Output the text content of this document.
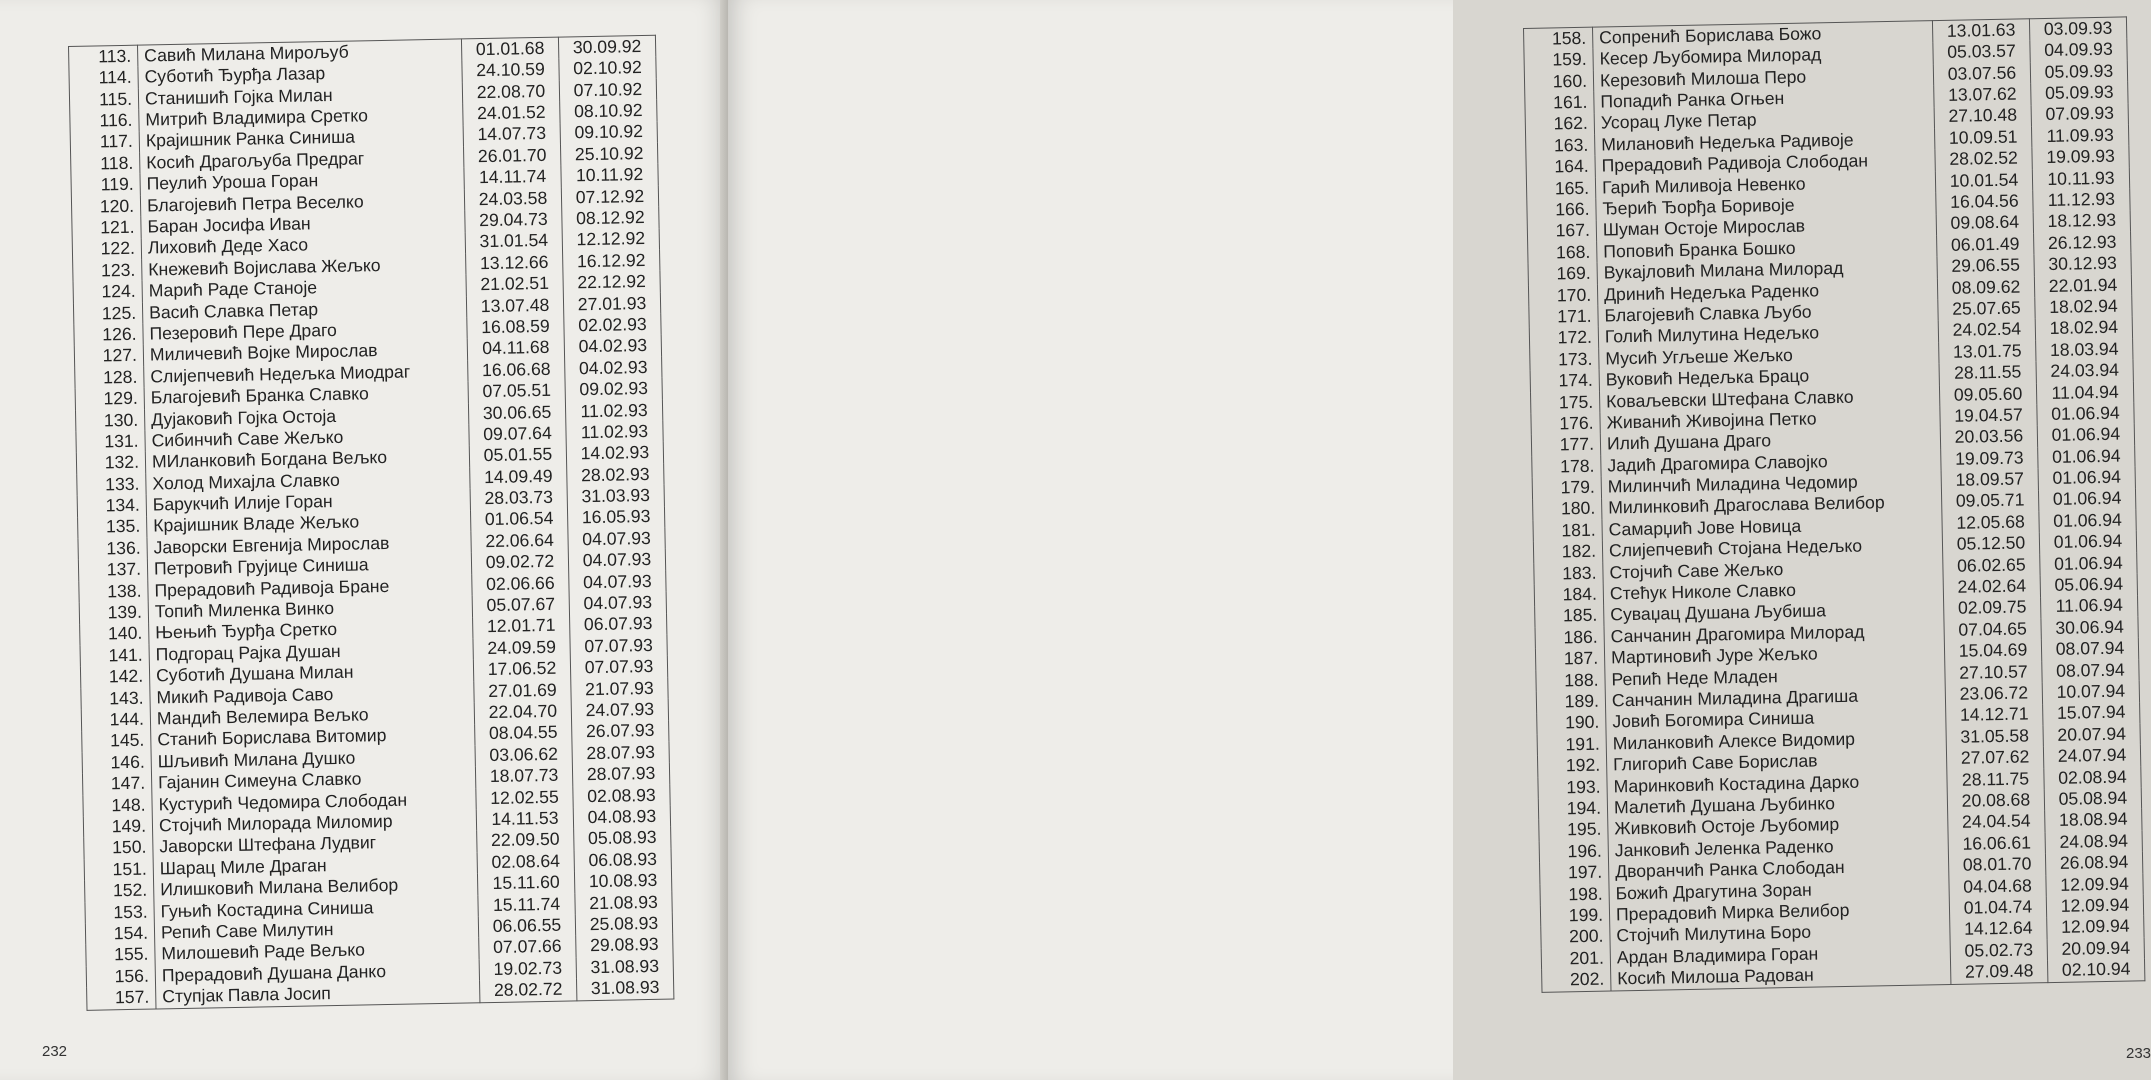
113.	Савић Милана Мирољуб	01.01.68	30.09.92
114.	Суботић Ђурђа Лазар	24.10.59	02.10.92
115.	Станишић Гојка Милан	22.08.70	07.10.92
116.	Митрић Владимира Сретко	24.01.52	08.10.92
117.	Крајишник Ранка Синиша	14.07.73	09.10.92
118.	Косић Драгољуба Предраг	26.01.70	25.10.92
119.	Пеулић Уроша Горан	14.11.74	10.11.92
120.	Благојевић Петра Веселко	24.03.58	07.12.92
121.	Баран Јосифа Иван	29.04.73	08.12.92
122.	Лиховић Деде Хасо	31.01.54	12.12.92
123.	Кнежевић Војислава Жељко	13.12.66	16.12.92
124.	Марић Раде Станоје	21.02.51	22.12.92
125.	Васић Славка Петар	13.07.48	27.01.93
126.	Пезеровић Пере Драго	16.08.59	02.02.93
127.	Миличевић Војке Мирослав	04.11.68	04.02.93
128.	Слијепчевић Недељка Миодраг	16.06.68	04.02.93
129.	Благојевић Бранка Славко	07.05.51	09.02.93
130.	Дујаковић Гојка Остоја	30.06.65	11.02.93
131.	Сибинчић Саве Жељко	09.07.64	11.02.93
132.	МИланковић Богдана Вељко	05.01.55	14.02.93
133.	Холод Михајла Славко	14.09.49	28.02.93
134.	Барукчић Илије Горан	28.03.73	31.03.93
135.	Крајишник Владе Жељко	01.06.54	16.05.93
136.	Јаворски Евгенија Мирослав	22.06.64	04.07.93
137.	Петровић Грујице Синиша	09.02.72	04.07.93
138.	Прерадовић Радивоја Бране	02.06.66	04.07.93
139.	Топић Миленка Винко	05.07.67	04.07.93
140.	Њењић Ђурђа Сретко	12.01.71	06.07.93
141.	Подгорац Рајка Душан	24.09.59	07.07.93
142.	Суботић Душана Милан	17.06.52	07.07.93
143.	Микић Радивоја Саво	27.01.69	21.07.93
144.	Мандић Велемира Вељко	22.04.70	24.07.93
145.	Станић Борислава Витомир	08.04.55	26.07.93
146.	Шљивић Милана Душко	03.06.62	28.07.93
147.	Гајанин Симеуна Славко	18.07.73	28.07.93
148.	Кустурић Чедомира Слободан	12.02.55	02.08.93
149.	Стојчић Милорада Миломир	14.11.53	04.08.93
150.	Јаворски Штефана Лудвиг	22.09.50	05.08.93
151.	Шарац Миле Драган	02.08.64	06.08.93
152.	Илишковић Милана Велибор	15.11.60	10.08.93
153.	Гуњић Костадина Синиша	15.11.74	21.08.93
154.	Репић Саве Милутин	06.06.55	25.08.93
155.	Милошевић Раде Вељко	07.07.66	29.08.93
156.	Прерадовић Душана Данко	19.02.73	31.08.93
157.	Ступјак Павла Јосип	28.02.72	31.08.93
232
158.	Сопренић Борислава Божо	13.01.63	03.09.93
159.	Кесер Љубомира Милорад	05.03.57	04.09.93
160.	Керезовић Милоша Перо	03.07.56	05.09.93
161.	Попадић Ранка Огњен	13.07.62	05.09.93
162.	Усорац Луке Петар	27.10.48	07.09.93
163.	Милановић Недељка Радивоје	10.09.51	11.09.93
164.	Прерадовић Радивоја Слободан	28.02.52	19.09.93
165.	Гарић Миливоја Невенко	10.01.54	10.11.93
166.	Ђерић Ђорђа Боривоје	16.04.56	11.12.93
167.	Шуман Остоје Мирослав	09.08.64	18.12.93
168.	Поповић Бранка Бошко	06.01.49	26.12.93
169.	Вукајловић Милана Милорад	29.06.55	30.12.93
170.	Дринић Недељка Раденко	08.09.62	22.01.94
171.	Благојевић Славка Љубо	25.07.65	18.02.94
172.	Голић Милутина Недељко	24.02.54	18.02.94
173.	Мусић Угљеше Жељко	13.01.75	18.03.94
174.	Вуковић Недељка Брацо	28.11.55	24.03.94
175.	Ковaљевски Штефана Славко	09.05.60	11.04.94
176.	Живанић Живојина Петко	19.04.57	01.06.94
177.	Илић Душана Драго	20.03.56	01.06.94
178.	Јадић Драгомира Славојко	19.09.73	01.06.94
179.	Милинчић Миладина Чедомир	18.09.57	01.06.94
180.	Милинковић Драгослава Велибор	09.05.71	01.06.94
181.	Самарџић Јове Новица	12.05.68	01.06.94
182.	Слијепчевић Стојана Недељко	05.12.50	01.06.94
183.	Стојчић Саве Жељко	06.02.65	01.06.94
184.	Стећук Николе Славко	24.02.64	05.06.94
185.	Суваџац Душана Љубиша	02.09.75	11.06.94
186.	Санчанин Драгомира Милорад	07.04.65	30.06.94
187.	Мартиновић Јуре Жељко	15.04.69	08.07.94
188.	Репић Неде Младен	27.10.57	08.07.94
189.	Санчанин Миладина Драгиша	23.06.72	10.07.94
190.	Јовић Богомира Синиша	14.12.71	15.07.94
191.	Миланковић Алексе Видомир	31.05.58	20.07.94
192.	Глигорић Саве Борислав	27.07.62	24.07.94
193.	Маринковић Костадина Дарко	28.11.75	02.08.94
194.	Малетић Душана Љубинко	20.08.68	05.08.94
195.	Живковић Остоје Љубомир	24.04.54	18.08.94
196.	Јанковић Јеленка Раденко	16.06.61	24.08.94
197.	Дворанчић Ранка Слободан	08.01.70	26.08.94
198.	Божић Драгутина Зоран	04.04.68	12.09.94
199.	Прерадовић Мирка Велибор	01.04.74	12.09.94
200.	Стојчић Милутина Боро	14.12.64	12.09.94
201.	Ардан Владимира Горан	05.02.73	20.09.94
202.	Косић Милоша Радован	27.09.48	02.10.94
233
